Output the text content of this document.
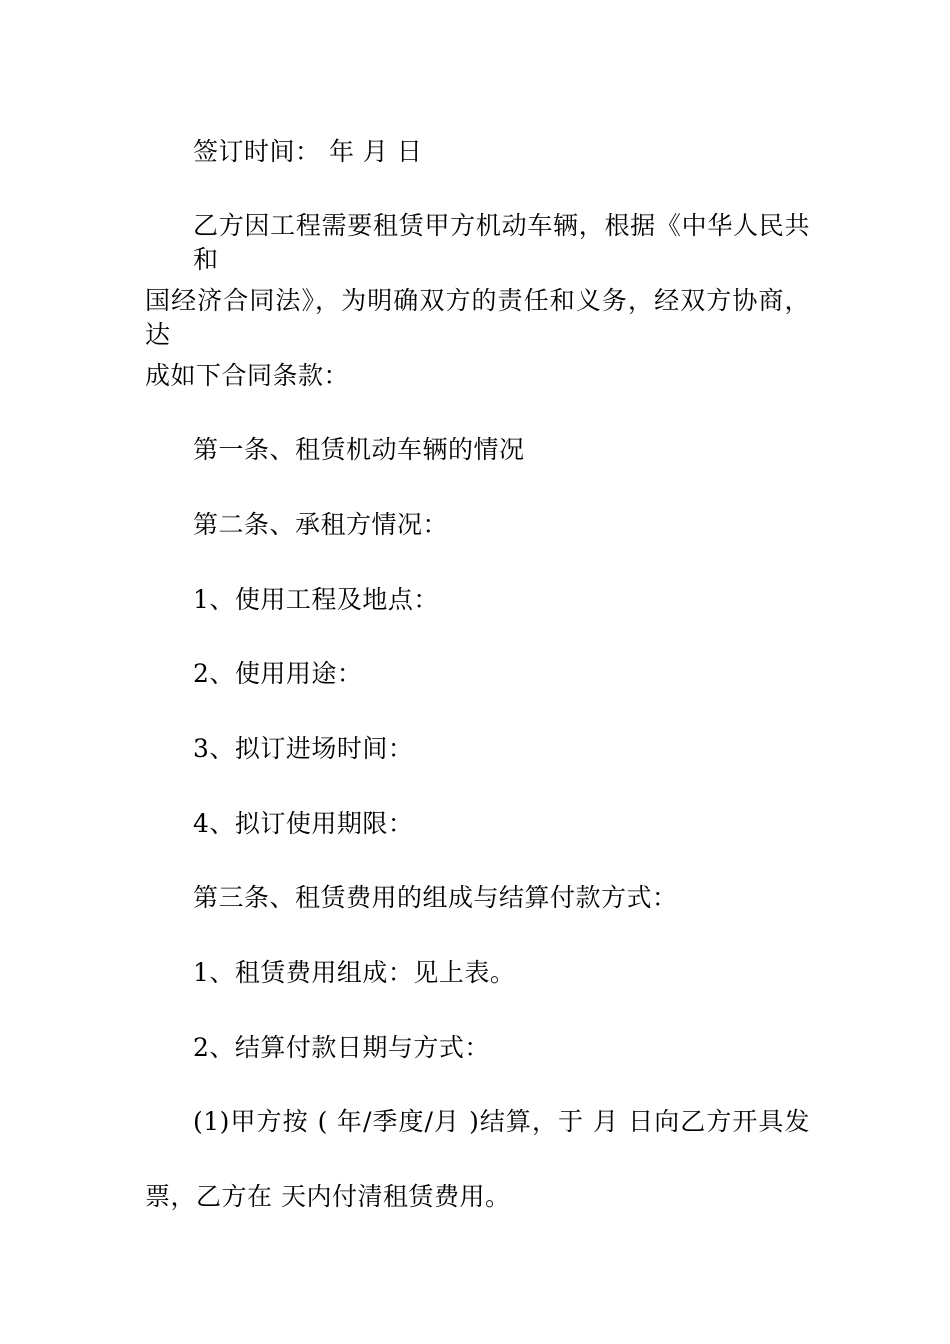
签订时间： 年 月 日
乙方因工程需要租赁甲方机动车辆，根据《中华人民共和
国经济合同法》，为明确双方的责任和义务，经双方协商，达
成如下合同条款：
第一条、租赁机动车辆的情况
第二条、承租方情况：
1、使用工程及地点：
2、使用用途：
3、拟订进场时间：
4、拟订使用期限：
第三条、租赁费用的组成与结算付款方式：
1、租赁费用组成：见上表。
2、结算付款日期与方式：
(1)甲方按 ( 年/季度/月 )结算，于 月 日向乙方开具发
票，乙方在 天内付清租赁费用。
